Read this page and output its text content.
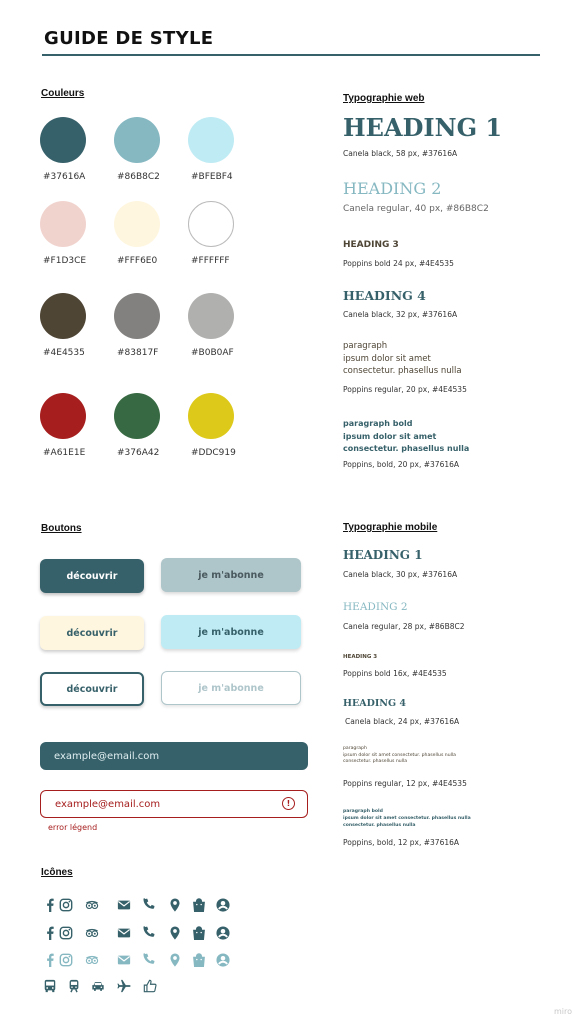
GUIDE DE STYLE
Couleurs
#37616A	#86B8C2	#BFEBF4
#F1D3CE	#FFF6E0	#FFFFFF
#4E4535	#83817F	#B0B0AF
#A61E1E	#376A42	#DDC919
Typographie web
HEADING 1
Canela black, 58 px, #37616A
HEADING 2
Canela regular, 40 px, #86B8C2
HEADING 3
Poppins bold 24 px, #4E4535
HEADING 4
Canela black, 32 px, #37616A
paragraph
ipsum dolor sit amet
consectetur. phasellus nulla
Poppins regular, 20 px, #4E4535
paragraph bold
ipsum dolor sit amet
consectetur. phasellus nulla
Poppins, bold, 20 px, #37616A
Boutons
découvrir	je m'abonne
découvrir	je m'abonne
découvrir	je m'abonne
example@email.com
example@email.com	!
error légend
Typographie mobile
HEADING 1
Canela black, 30 px, #37616A
HEADING 2
Canela regular, 28 px, #86B8C2
HEADING 3
Poppins bold 16x, #4E4535
HEADING 4
Canela black, 24 px, #37616A
paragraph
ipsum dolor sit amet consectetur. phasellus nulla
consectetur. phasellus nulla
Poppins regular, 12 px, #4E4535
paragraph bold
ipsum dolor sit amet consectetur. phasellus nulla
consectetur. phasellus nulla
Poppins, bold, 12 px, #37616A
Icônes
miro
